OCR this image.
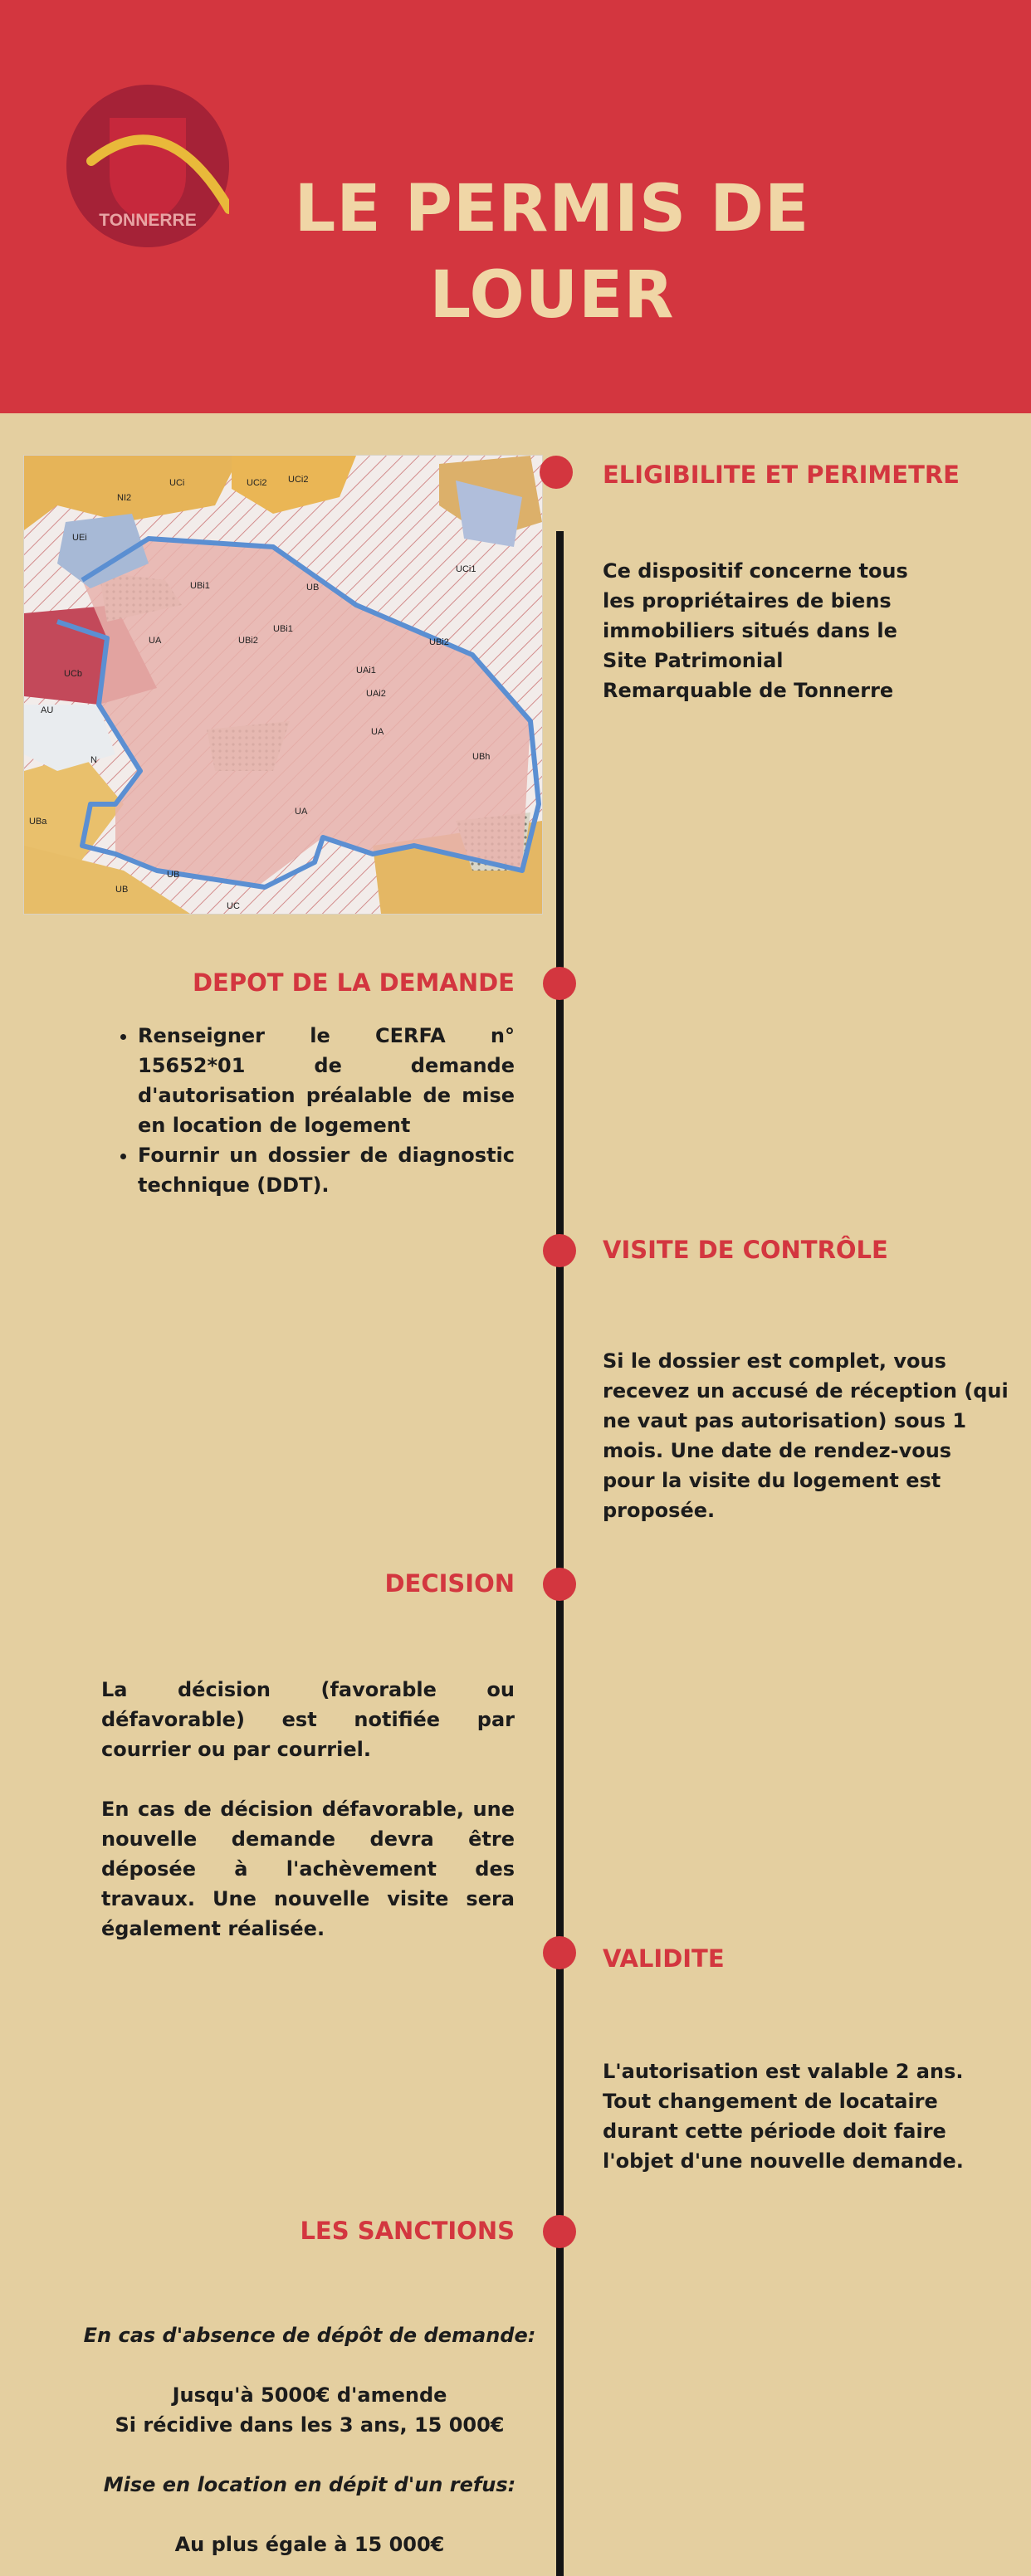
TONNERRE	LE PERMIS DE
LOUER
UCi
NI2
UCi2 UCi2
UCi1
UEi
UB
UBi1
UBi2
UA
UCb
AU
N
UBi2
UAi1
UAi2
UA
UBh
UB
UBa
UA
UB
UC
UBi1
ELIGIBILITE ET PERIMETRE
Ce dispositif concerne tous les propriétaires de biens immobiliers situés dans le Site Patrimonial Remarquable de Tonnerre
DEPOT DE LA DEMANDE
• Renseigner le CERFA n° 15652*01 de demande d'autorisation préalable de mise en location de logement
• Fournir un dossier de diagnostic technique (DDT).
VISITE DE CONTRÔLE
Si le dossier est complet, vous recevez un accusé de réception (qui ne vaut pas autorisation) sous 1 mois. Une date de rendez-vous pour la visite du logement est proposée.
DECISION

La décision (favorable ou défavorable) est notifiée par courrier ou par courriel.

En cas de décision défavorable, une nouvelle demande devra être déposée à l'achèvement des travaux. Une nouvelle visite sera également réalisée.

VALIDITE

L'autorisation est valable 2 ans.

Tout changement de locataire durant cette période doit faire l'objet d'une nouvelle demande.

LES SANCTIONS

En cas d'absence de dépôt de demande:

Jusqu'à 5000€ d'amende

Si récidive dans les 3 ans, 15 000€

Mise en location en dépit d'un refus:

Au plus égale à 15 000€
